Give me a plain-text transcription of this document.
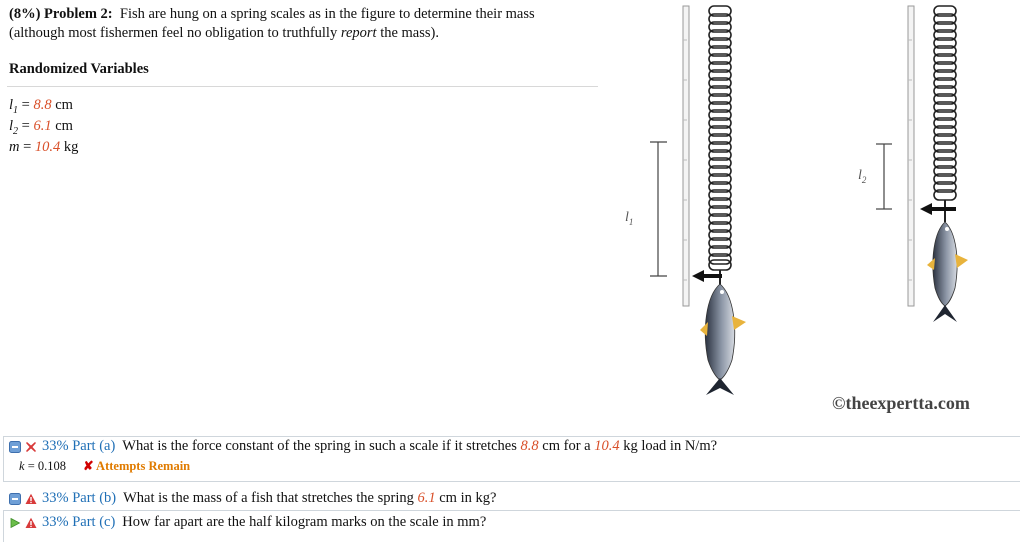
(8%) Problem 2: Fish are hung on a spring scales as in the figure to determine their mass
(although most fishermen feel no obligation to truthfully report the mass).
Randomized Variables
$l_1 = 8.8$ cm
$l_2 = 6.1$ cm
m = 10.4 kg
$l_1$
$l_2$
©theexpertta.com
33% Part (a) What is the force constant of the spring in such a scale if it stretches 8.8 cm for a 10.4 kg load in N/m?
k = 0.108 ✘ Attempts Remain
33% Part (b) What is the mass of a fish that stretches the spring 6.1 cm in kg?
33% Part (c) How far apart are the half kilogram marks on the scale in mm?
